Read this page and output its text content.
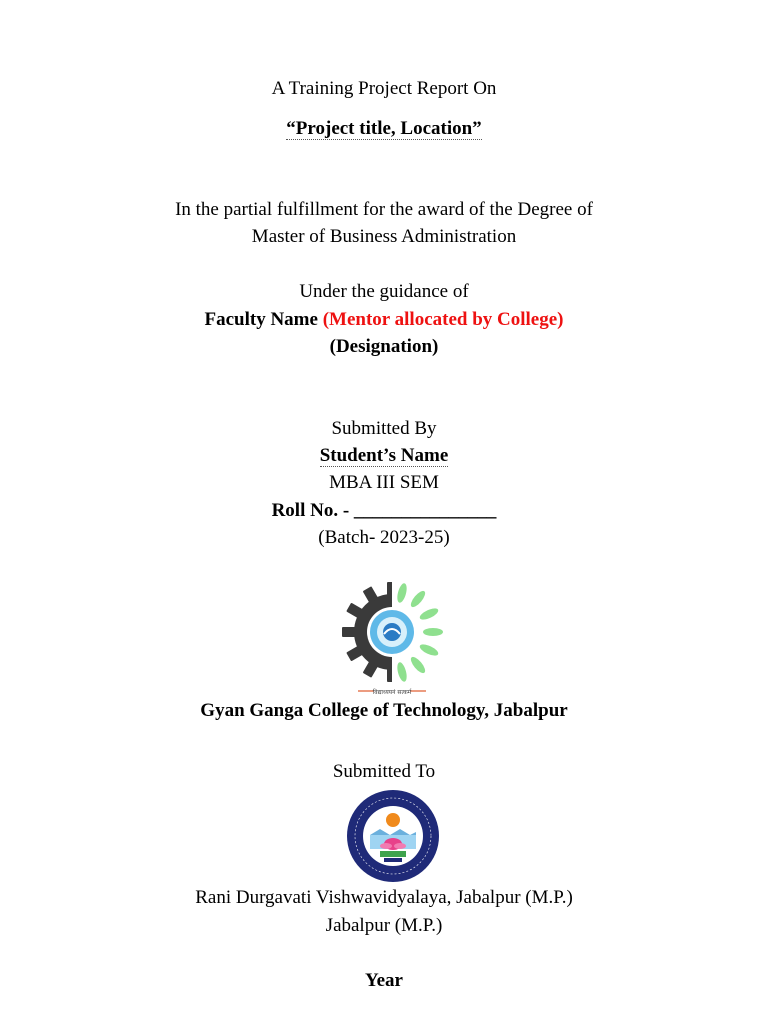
A Training Project Report On
“Project title, Location”
In the partial fulfillment for the award of the Degree of
Master of Business Administration
Under the guidance of
Faculty Name (Mentor allocated by College)
(Designation)
Submitted By
Student’s Name
MBA III SEM
Roll No. - _______________
(Batch- 2023-25)
विद्याध्ययनं सत्कर्म
Gyan Ganga College of Technology, Jabalpur
Submitted To
Rani Durgavati Vishwavidyalaya, Jabalpur (M.P.)
Jabalpur (M.P.)
Year
